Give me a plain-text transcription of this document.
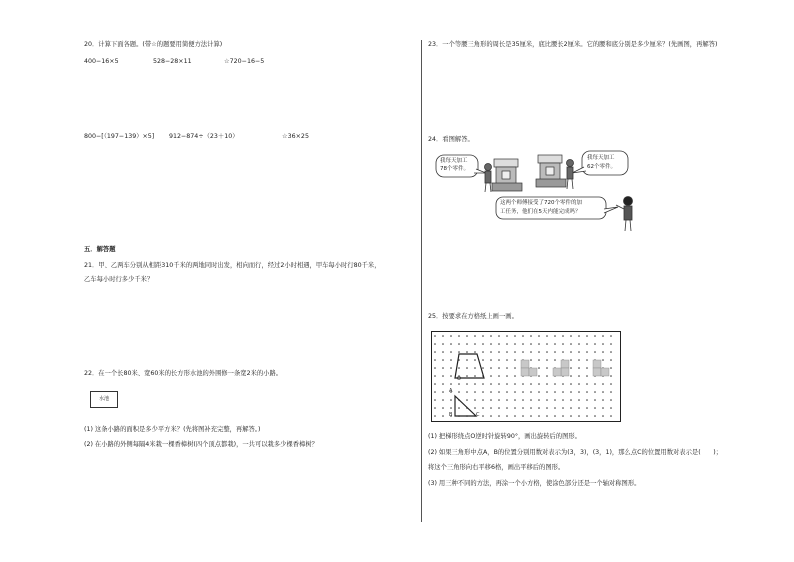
20．计算下面各题。(带☆的题要用简便方法计算)
400−16×5	528−28×11	☆720−16−5
800−[（197−139）×5] 912−874÷（23＋10）	☆36×25
五．解答题
21．甲、乙两车分别从相距310千米的两地同时出发，相向而行，经过2小时相遇，甲车每小时行80千米，
乙车每小时行多少千米？
22．在一个长80米、宽60米的长方形水池的外围修一条宽2米的小路。
水池
(1) 这条小路的面积是多少平方米？(先将图补充完整，再解答。)
(2) 在小路的外侧每隔4米栽一棵香樟树(四个顶点都栽)，一共可以栽多少棵香樟树？
23．一个等腰三角形的周长是35厘米，底比腰长2厘米。它的腰和底分别是多少厘米？(先画图，再解答)
24．看图解答。
我每天加工
78个零件。
我每天加工
62个零件。
这两个师傅接受了720个零件的加
工任务，他们在5天内能完成吗？
25．按要求在方格纸上画一画。
O
A
B	C
(1) 把梯形绕点O逆时针旋转90°，画出旋转后的图形。
(2) 如果三角形中点A，B的位置分别用数对表示为(3，3)，(3，1)，那么点C的位置用数对表示是(　　)；
将这个三角形向右平移6格，画出平移后的图形。
(3) 用三种不同的方法，再涂一个小方格，使涂色部分还是一个轴对称图形。
